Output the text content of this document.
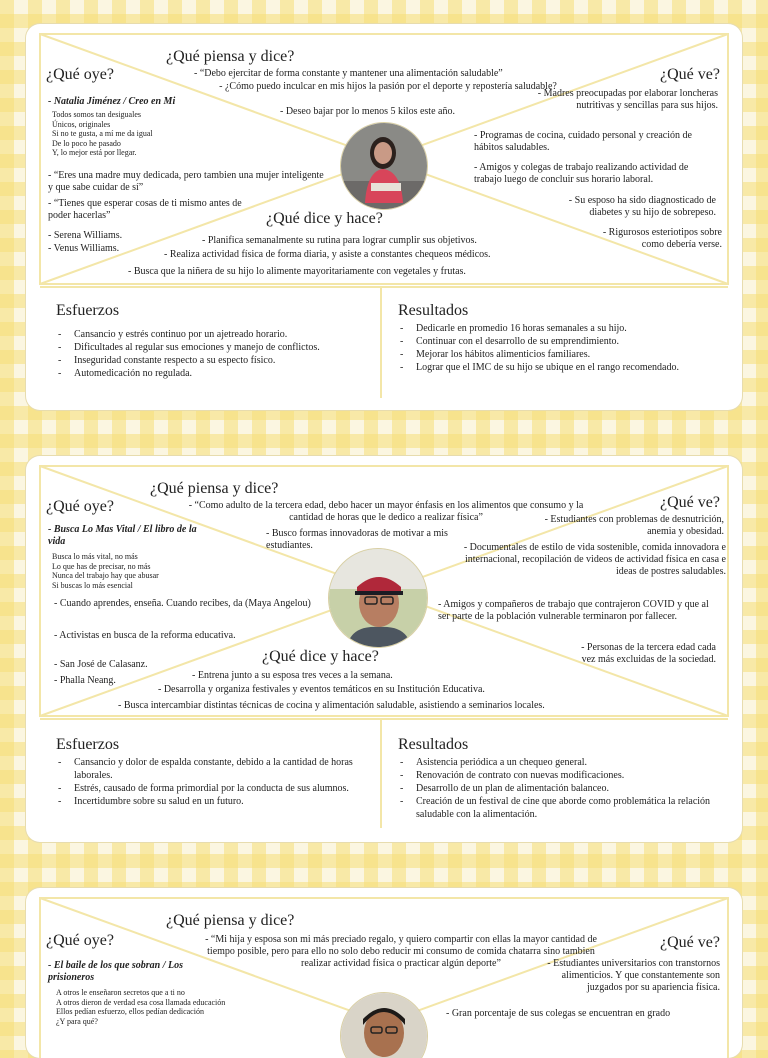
¿Qué piensa y dice?
¿Qué oye?	¿Qué ve?
¿Qué dice y hace?

- “Debo ejercitar de forma constante y mantener una alimentación saludable”

- ¿Cómo puedo inculcar en mis hijos la pasión por el deporte y repostería saludable?

- Deseo bajar por lo menos 5 kilos este año.

- Natalia Jiménez / Creo en Mi

Todos somos tan desiguales
Únicos, originales
Si no te gusta, a mí me da igual
De lo poco he pasado
Y, lo mejor está por llegar.

- “Eres una madre muy dedicada, pero tambien una mujer inteligente y que sabe cuidar de sí”

- “Tienes que esperar cosas de ti mismo antes de poder hacerlas”

- Serena Williams.

- Venus Williams.

- Madres preocupadas por elaborar loncheras nutritivas y sencillas para sus hijos.

- Programas de cocina, cuidado personal y creación de hábitos saludables.

- Amigos y colegas de trabajo realizando actividad de trabajo luego de concluir sus horario laboral.

- Su esposo ha sido diagnosticado de diabetes y su hijo de sobrepeso.

- Rigurosos esteriotipos sobre como debería verse.

- Planifica semanalmente su rutina para lograr cumplir sus objetivos.

- Realiza actividad física de forma diaria, y asiste a constantes chequeos médicos.

- Busca que la niñera de su hijo lo alimente mayoritariamente con vegetales y frutas.

Esfuerzos
- Cansancio y estrés continuo por un ajetreado horario.
- Dificultades al regular sus emociones y manejo de conflictos.
- Inseguridad constante respecto a su especto físico.
- Automedicación no regulada.
Resultados
- Dedicarle en promedio 16 horas semanales a su hijo.
- Continuar con el desarrollo de su emprendimiento.
- Mejorar los hábitos alimenticios familiares.
- Lograr que el IMC de su hijo se ubique en el rango recomendado.
¿Qué piensa y dice?
¿Qué oye?	¿Qué ve?
¿Qué dice y hace?

- “Como adulto de la tercera edad, debo hacer un mayor énfasis en los alimentos que consumo y la cantidad de horas que le dedico a realizar física”

- Busco formas innovadoras de motivar a mis estudiantes.

- Busca Lo Mas Vital / El libro de la vida

Busca lo más vital, no más
Lo que has de precisar, no más
Nunca del trabajo hay que abusar
Si buscas lo más esencial

- Cuando aprendes, enseña. Cuando recibes, da (Maya Angelou)

- Activistas en busca de la reforma educativa.

- San José de Calasanz.

- Phalla Neang.

- Estudiantes con problemas de desnutrición, anemia y obesidad.

- Documentales de estilo de vida sostenible, comida innovadora e internacional, recopilación de videos de actividad física en casa e ideas de postres saludables.

- Amigos y compañeros de trabajo que contrajeron COVID y que al ser parte de la población vulnerable terminaron por fallecer.

- Personas de la tercera edad cada vez más excluidas de la sociedad.

- Entrena junto a su esposa tres veces a la semana.

- Desarrolla y organiza festivales y eventos temáticos en su Institución Educativa.

- Busca intercambiar distintas técnicas de cocina y alimentación saludable, asistiendo a seminarios locales.

Esfuerzos
- Cansancio y dolor de espalda constante, debido a la cantidad de horas laborales.
- Estrés, causado de forma primordial por la conducta de sus alumnos.
- Incertidumbre sobre su salud en un futuro.
Resultados
- Asistencia periódica a un chequeo general.
- Renovación de contrato con nuevas modificaciones.
- Desarrollo de un plan de alimentación balanceo.
- Creación de un festival de cine que aborde como problemática la relación saludable con la alimentación.
¿Qué piensa y dice?
¿Qué oye?	¿Qué ve?

- “Mi hija y esposa son mi más preciado regalo, y quiero compartir con ellas la mayor cantidad de tiempo posible, pero para ello no solo debo reducir mi consumo de comida chatarra sino tambien realizar actividad física o practicar algún deporte”

- El baile de los que sobran / Los prisioneros

A otros le enseñaron secretos que a ti no
A otros dieron de verdad esa cosa llamada educación
Ellos pedían esfuerzo, ellos pedían dedicación
¿Y para qué?

- Estudiantes universitarios con transtornos alimenticios. Y que constantemente son juzgados por su apariencia física.

- Gran porcentaje de sus colegas se encuentran en grado
